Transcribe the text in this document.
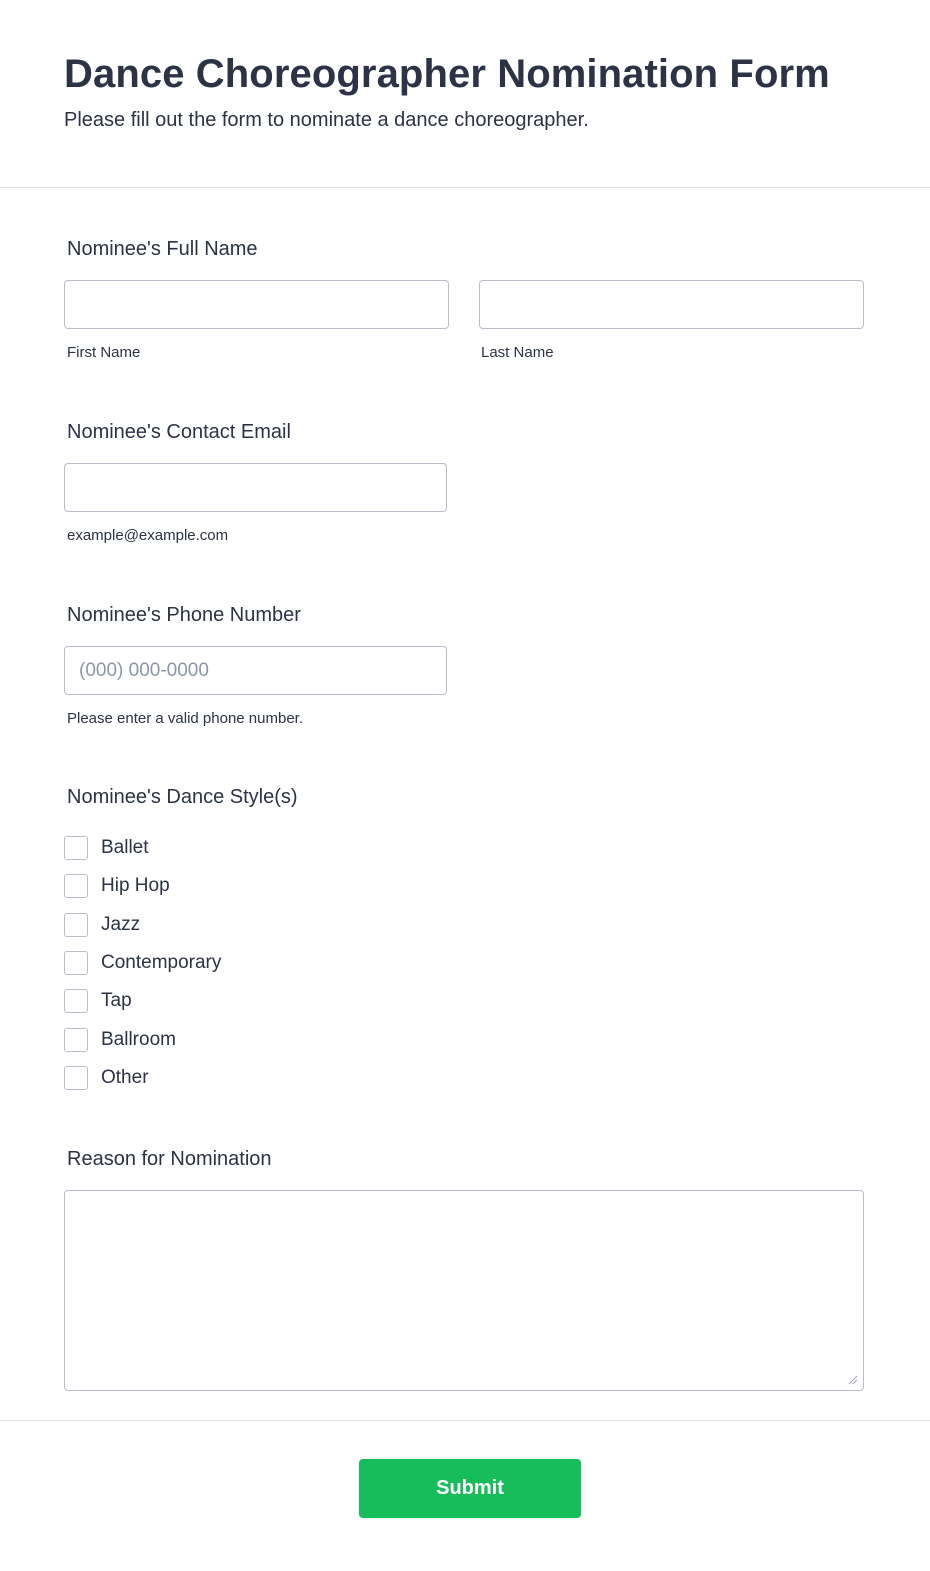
Dance Choreographer Nomination Form
Please fill out the form to nominate a dance choreographer.
Nominee's Full Name
First Name	Last Name
Nominee's Contact Email
example@example.com
Nominee's Phone Number
(000) 000-0000
Please enter a valid phone number.
Nominee's Dance Style(s)
Ballet
Hip Hop
Jazz
Contemporary
Tap
Ballroom
Other
Reason for Nomination
Submit
